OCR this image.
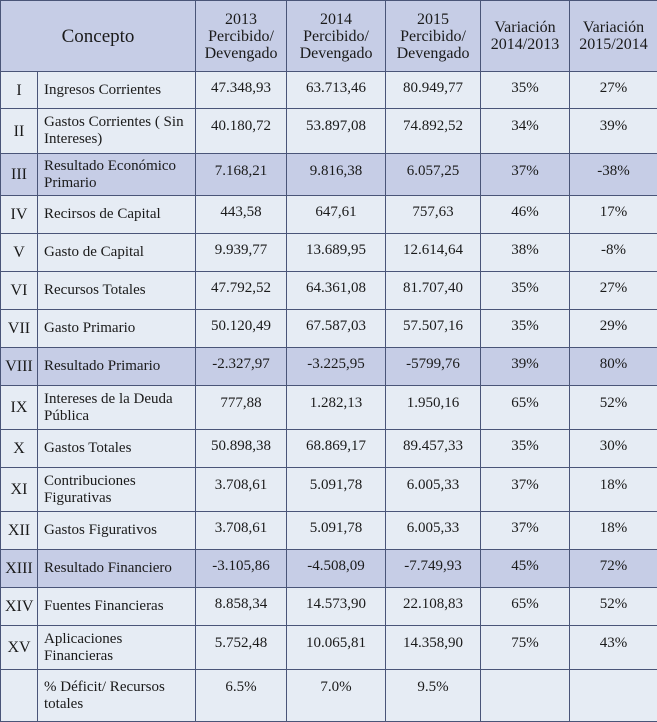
Concepto		2013 Percibido/ Devengado	2014 Percibido/ Devengado	2015 Percibido/ Devengado	Variación 2014/2013	Variación 2015/2014
I	Ingresos Corrientes	47.348,93	63.713,46	80.949,77	35%	27%
II	Gastos Corrientes ( Sin Intereses)	40.180,72	53.897,08	74.892,52	34%	39%
III	Resultado Económico Primario	7.168,21	9.816,38	6.057,25	37%	-38%
IV	Recirsos de Capital	443,58	647,61	757,63	46%	17%
V	Gasto de Capital	9.939,77	13.689,95	12.614,64	38%	-8%
VI	Recursos Totales	47.792,52	64.361,08	81.707,40	35%	27%
VII	Gasto Primario	50.120,49	67.587,03	57.507,16	35%	29%
VIII	Resultado Primario	-2.327,97	-3.225,95	-5799,76	39%	80%
IX	Intereses de la Deuda Pública	777,88	1.282,13	1.950,16	65%	52%
X	Gastos Totales	50.898,38	68.869,17	89.457,33	35%	30%
XI	Contribuciones Figurativas	3.708,61	5.091,78	6.005,33	37%	18%
XII	Gastos Figurativos	3.708,61	5.091,78	6.005,33	37%	18%
XIII	Resultado Financiero	-3.105,86	-4.508,09	-7.749,93	45%	72%
XIV	Fuentes Financieras	8.858,34	14.573,90	22.108,83	65%	52%
XV	Aplicaciones Financieras	5.752,48	10.065,81	14.358,90	75%	43%
	% Déficit/ Recursos totales	6.5%	7.0%	9.5%		
